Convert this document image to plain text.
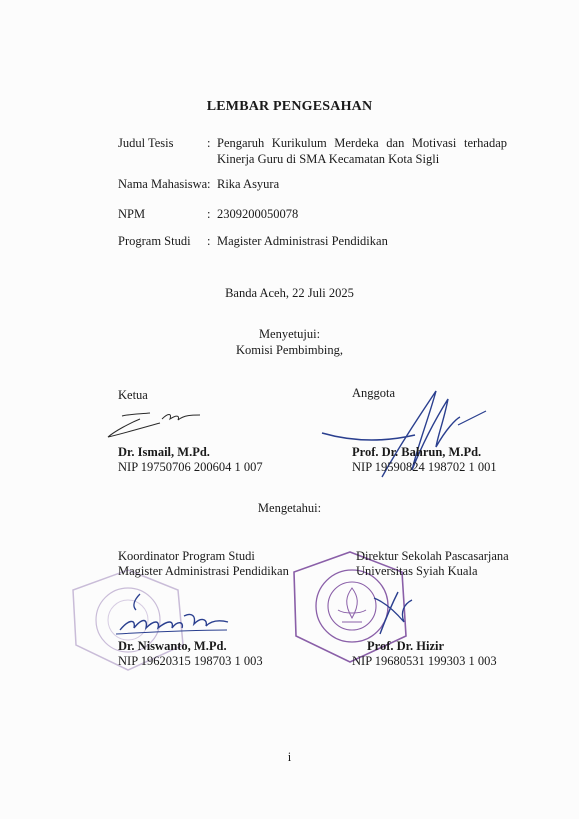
LEMBAR PENGESAHAN
Judul Tesis	: Pengaruh Kurikulum Merdeka dan Motivasi terhadap
Kinerja Guru di SMA Kecamatan Kota Sigli
Nama Mahasiswa : Rika Asyura
NPM	: 2309200050078
Program Studi : Magister Administrasi Pendidikan
Banda Aceh, 22 Juli 2025
Menyetujui:
Komisi Pembimbing,
Ketua
Dr. Ismail, M.Pd.
NIP 19750706 200604 1 007
Anggota
Prof. Dr. Bahrun, M.Pd.
NIP 19590824 198702 1 001
Mengetahui:
Koordinator Program Studi
Magister Administrasi Pendidikan
Dr. Niswanto, M.Pd.
NIP 19620315 198703 1 003
Direktur Sekolah Pascasarjana
Universitas Syiah Kuala
Prof. Dr. Hizir
NIP 19680531 199303 1 003
i
